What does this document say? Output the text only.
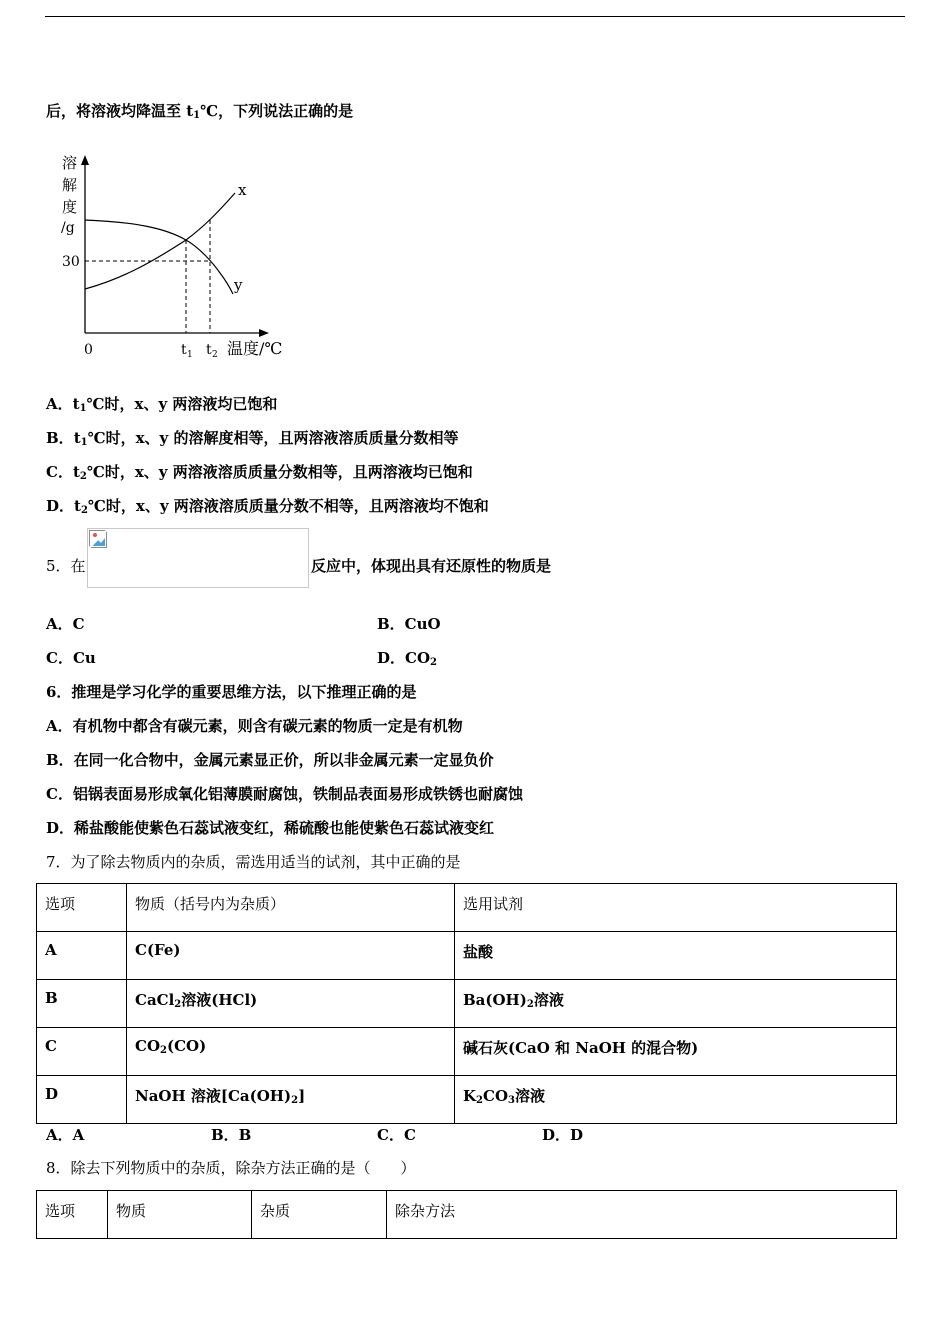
后，将溶液均降温至 $t_1℃$，下列说法正确的是
溶
解
度
/g
30
x
y
0	t 1 t 2 温度/℃
A．$t_1℃$时，x、y 两溶液均已饱和
B．$t_1℃$时，x、y 的溶解度相等，且两溶液溶质质量分数相等
C．$t_2℃$时，x、y 两溶液溶质质量分数相等，且两溶液均已饱和
D．$t_2℃$时，x、y 两溶液溶质质量分数不相等，且两溶液均不饱和
5．在	反应中，体现出具有还原性的物质是
A．C	B．CuO
C．Cu	D．$CO_2$
6．推理是学习化学的重要思维方法，以下推理正确的是
A．有机物中都含有碳元素，则含有碳元素的物质一定是有机物
B．在同一化合物中，金属元素显正价，所以非金属元素一定显负价
C．铝锅表面易形成氧化铝薄膜耐腐蚀，铁制品表面易形成铁锈也耐腐蚀
D．稀盐酸能使紫色石蕊试液变红，稀硫酸也能使紫色石蕊试液变红
7．为了除去物质内的杂质，需选用适当的试剂，其中正确的是
选项	物质（括号内为杂质）	选用试剂
A	C(Fe)	盐酸
B	CaCl$_2$溶液(HCl)	$Ba(OH)_2$溶液
C	$CO_2(CO)$	碱石灰(CaO 和 NaOH 的混合物)
D	NaOH 溶液$[Ca(OH)_2]$	$K_2CO_3$溶液
A．A	B．B	C．C	D．D
8．除去下列物质中的杂质，除杂方法正确的是（　　）
选项	物质	杂质	除杂方法
